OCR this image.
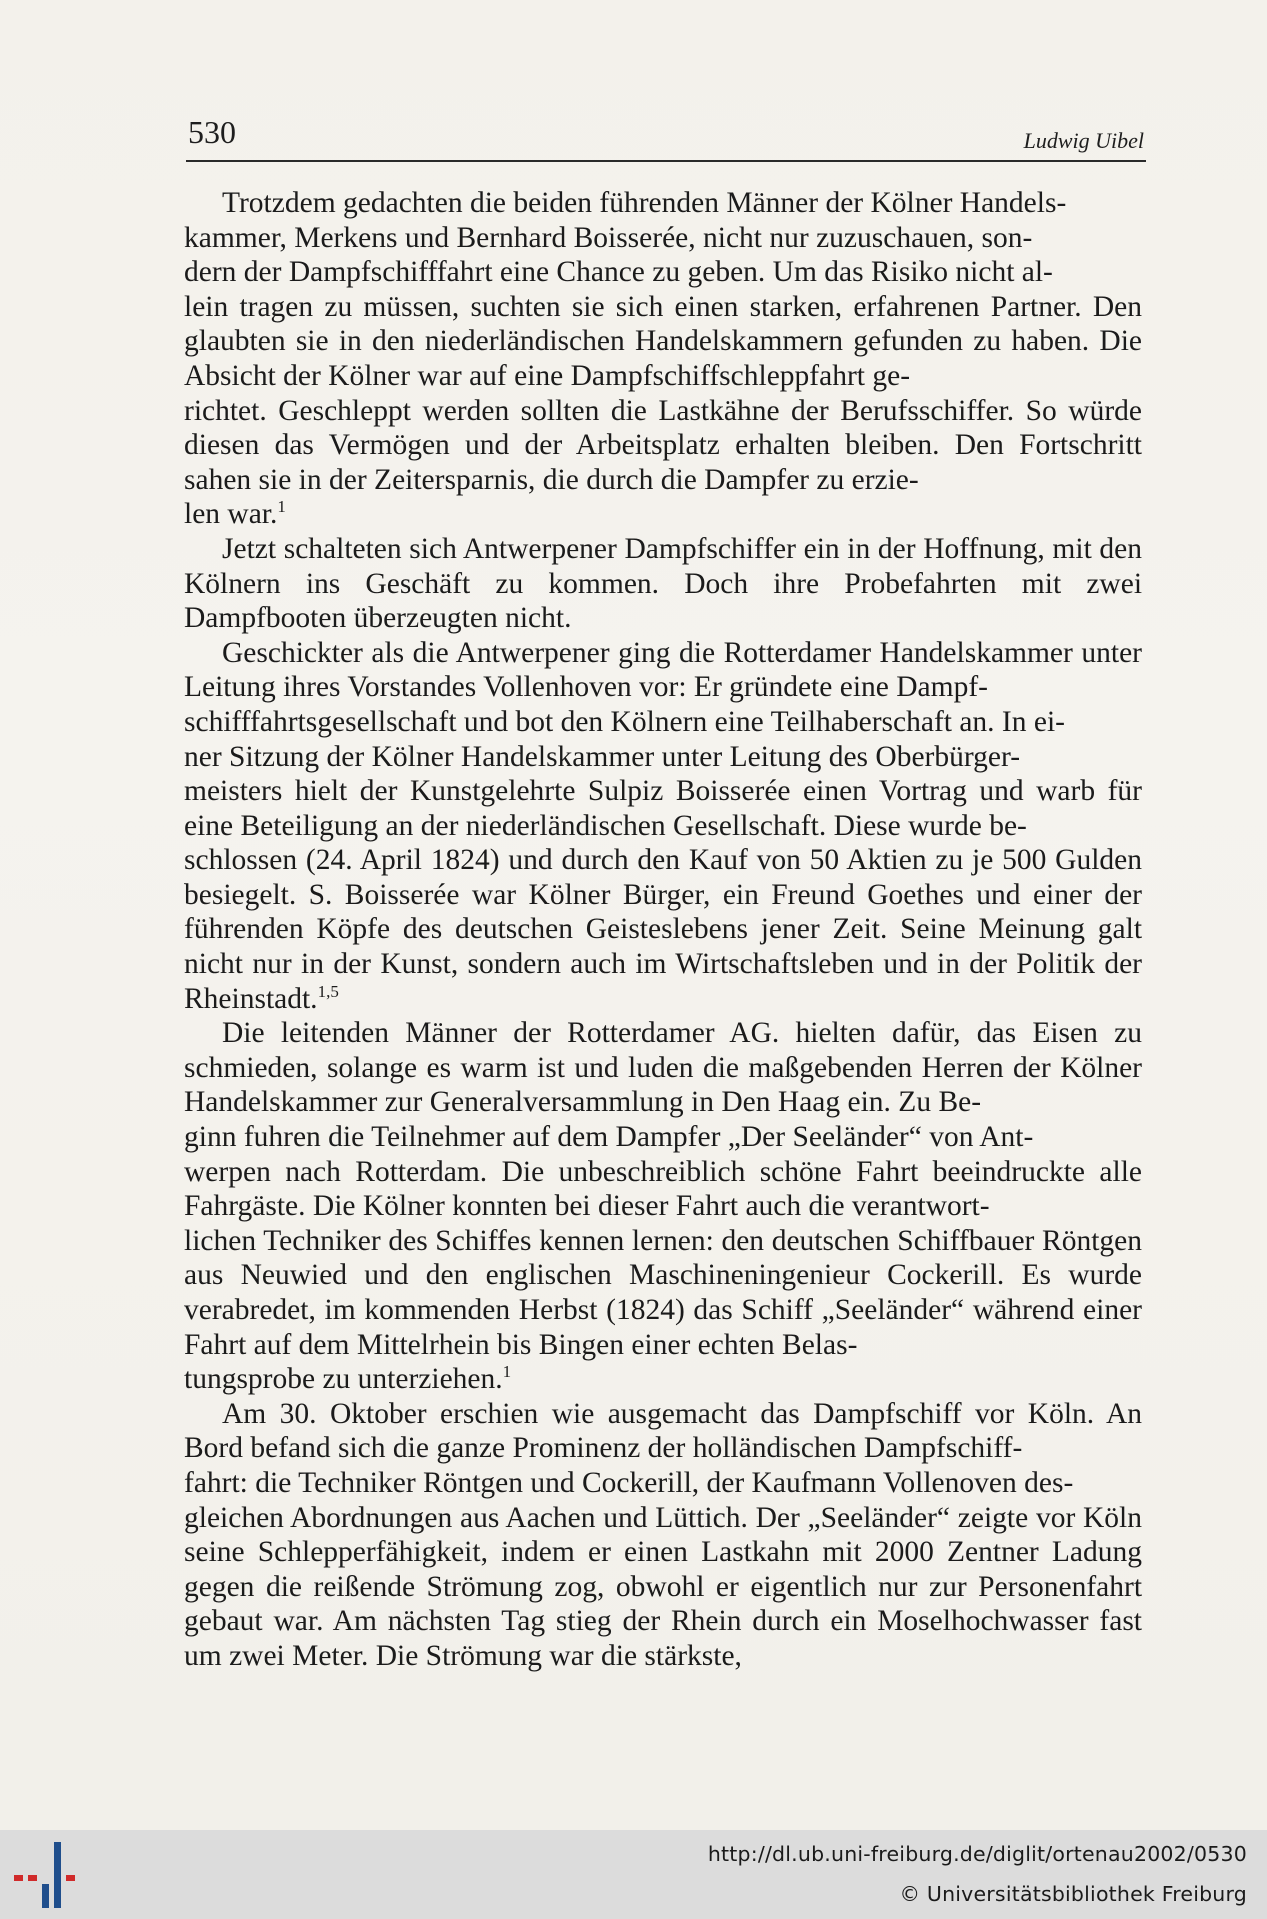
530	Ludwig Uibel

Trotzdem gedachten die beiden führenden Männer der Kölner Handels-
kammer, Merkens und Bernhard Boisserée, nicht nur zuzuschauen, son-
dern der Dampfschifffahrt eine Chance zu geben. Um das Risiko nicht al-
lein tragen zu müssen, suchten sie sich einen starken, erfahrenen Partner. Den glaubten sie in den niederländischen Handelskammern gefunden zu haben. Die Absicht der Kölner war auf eine Dampfschiffschleppfahrt ge-
richtet. Geschleppt werden sollten die Lastkähne der Berufsschiffer. So würde diesen das Vermögen und der Arbeitsplatz erhalten bleiben. Den Fortschritt sahen sie in der Zeitersparnis, die durch die Dampfer zu erzie-
len war.$^1$

Jetzt schalteten sich Antwerpener Dampfschiffer ein in der Hoffnung, mit den Kölnern ins Geschäft zu kommen. Doch ihre Probefahrten mit zwei Dampfbooten überzeugten nicht.

Geschickter als die Antwerpener ging die Rotterdamer Handelskammer unter Leitung ihres Vorstandes Vollenhoven vor: Er gründete eine Dampf-
schifffahrtsgesellschaft und bot den Kölnern eine Teilhaberschaft an. In ei-
ner Sitzung der Kölner Handelskammer unter Leitung des Oberbürger-
meisters hielt der Kunstgelehrte Sulpiz Boisserée einen Vortrag und warb für eine Beteiligung an der niederländischen Gesellschaft. Diese wurde be-
schlossen (24. April 1824) und durch den Kauf von 50 Aktien zu je 500 Gulden besiegelt. S. Boisserée war Kölner Bürger, ein Freund Goethes und einer der führenden Köpfe des deutschen Geisteslebens jener Zeit. Seine Meinung galt nicht nur in der Kunst, sondern auch im Wirtschaftsleben und in der Politik der Rheinstadt.$^{1,5}$

Die leitenden Männer der Rotterdamer AG. hielten dafür, das Eisen zu schmieden, solange es warm ist und luden die maßgebenden Herren der Kölner Handelskammer zur Generalversammlung in Den Haag ein. Zu Be-
ginn fuhren die Teilnehmer auf dem Dampfer „Der Seeländer“ von Ant-
werpen nach Rotterdam. Die unbeschreiblich schöne Fahrt beeindruckte alle Fahrgäste. Die Kölner konnten bei dieser Fahrt auch die verantwort-
lichen Techniker des Schiffes kennen lernen: den deutschen Schiffbauer Röntgen aus Neuwied und den englischen Maschineningenieur Cockerill. Es wurde verabredet, im kommenden Herbst (1824) das Schiff „Seeländer“ während einer Fahrt auf dem Mittelrhein bis Bingen einer echten Belas-
tungsprobe zu unterziehen.$^1$

Am 30. Oktober erschien wie ausgemacht das Dampfschiff vor Köln. An Bord befand sich die ganze Prominenz der holländischen Dampfschiff-
fahrt: die Techniker Röntgen und Cockerill, der Kaufmann Vollenoven des-
gleichen Abordnungen aus Aachen und Lüttich. Der „Seeländer“ zeigte vor Köln seine Schlepperfähigkeit, indem er einen Lastkahn mit 2000 Zentner Ladung gegen die reißende Strömung zog, obwohl er eigentlich nur zur Personenfahrt gebaut war. Am nächsten Tag stieg der Rhein durch ein Moselhochwasser fast um zwei Meter. Die Strömung war die stärkste,

http://dl.ub.uni-freiburg.de/diglit/ortenau2002/0530
© Universitätsbibliothek Freiburg
